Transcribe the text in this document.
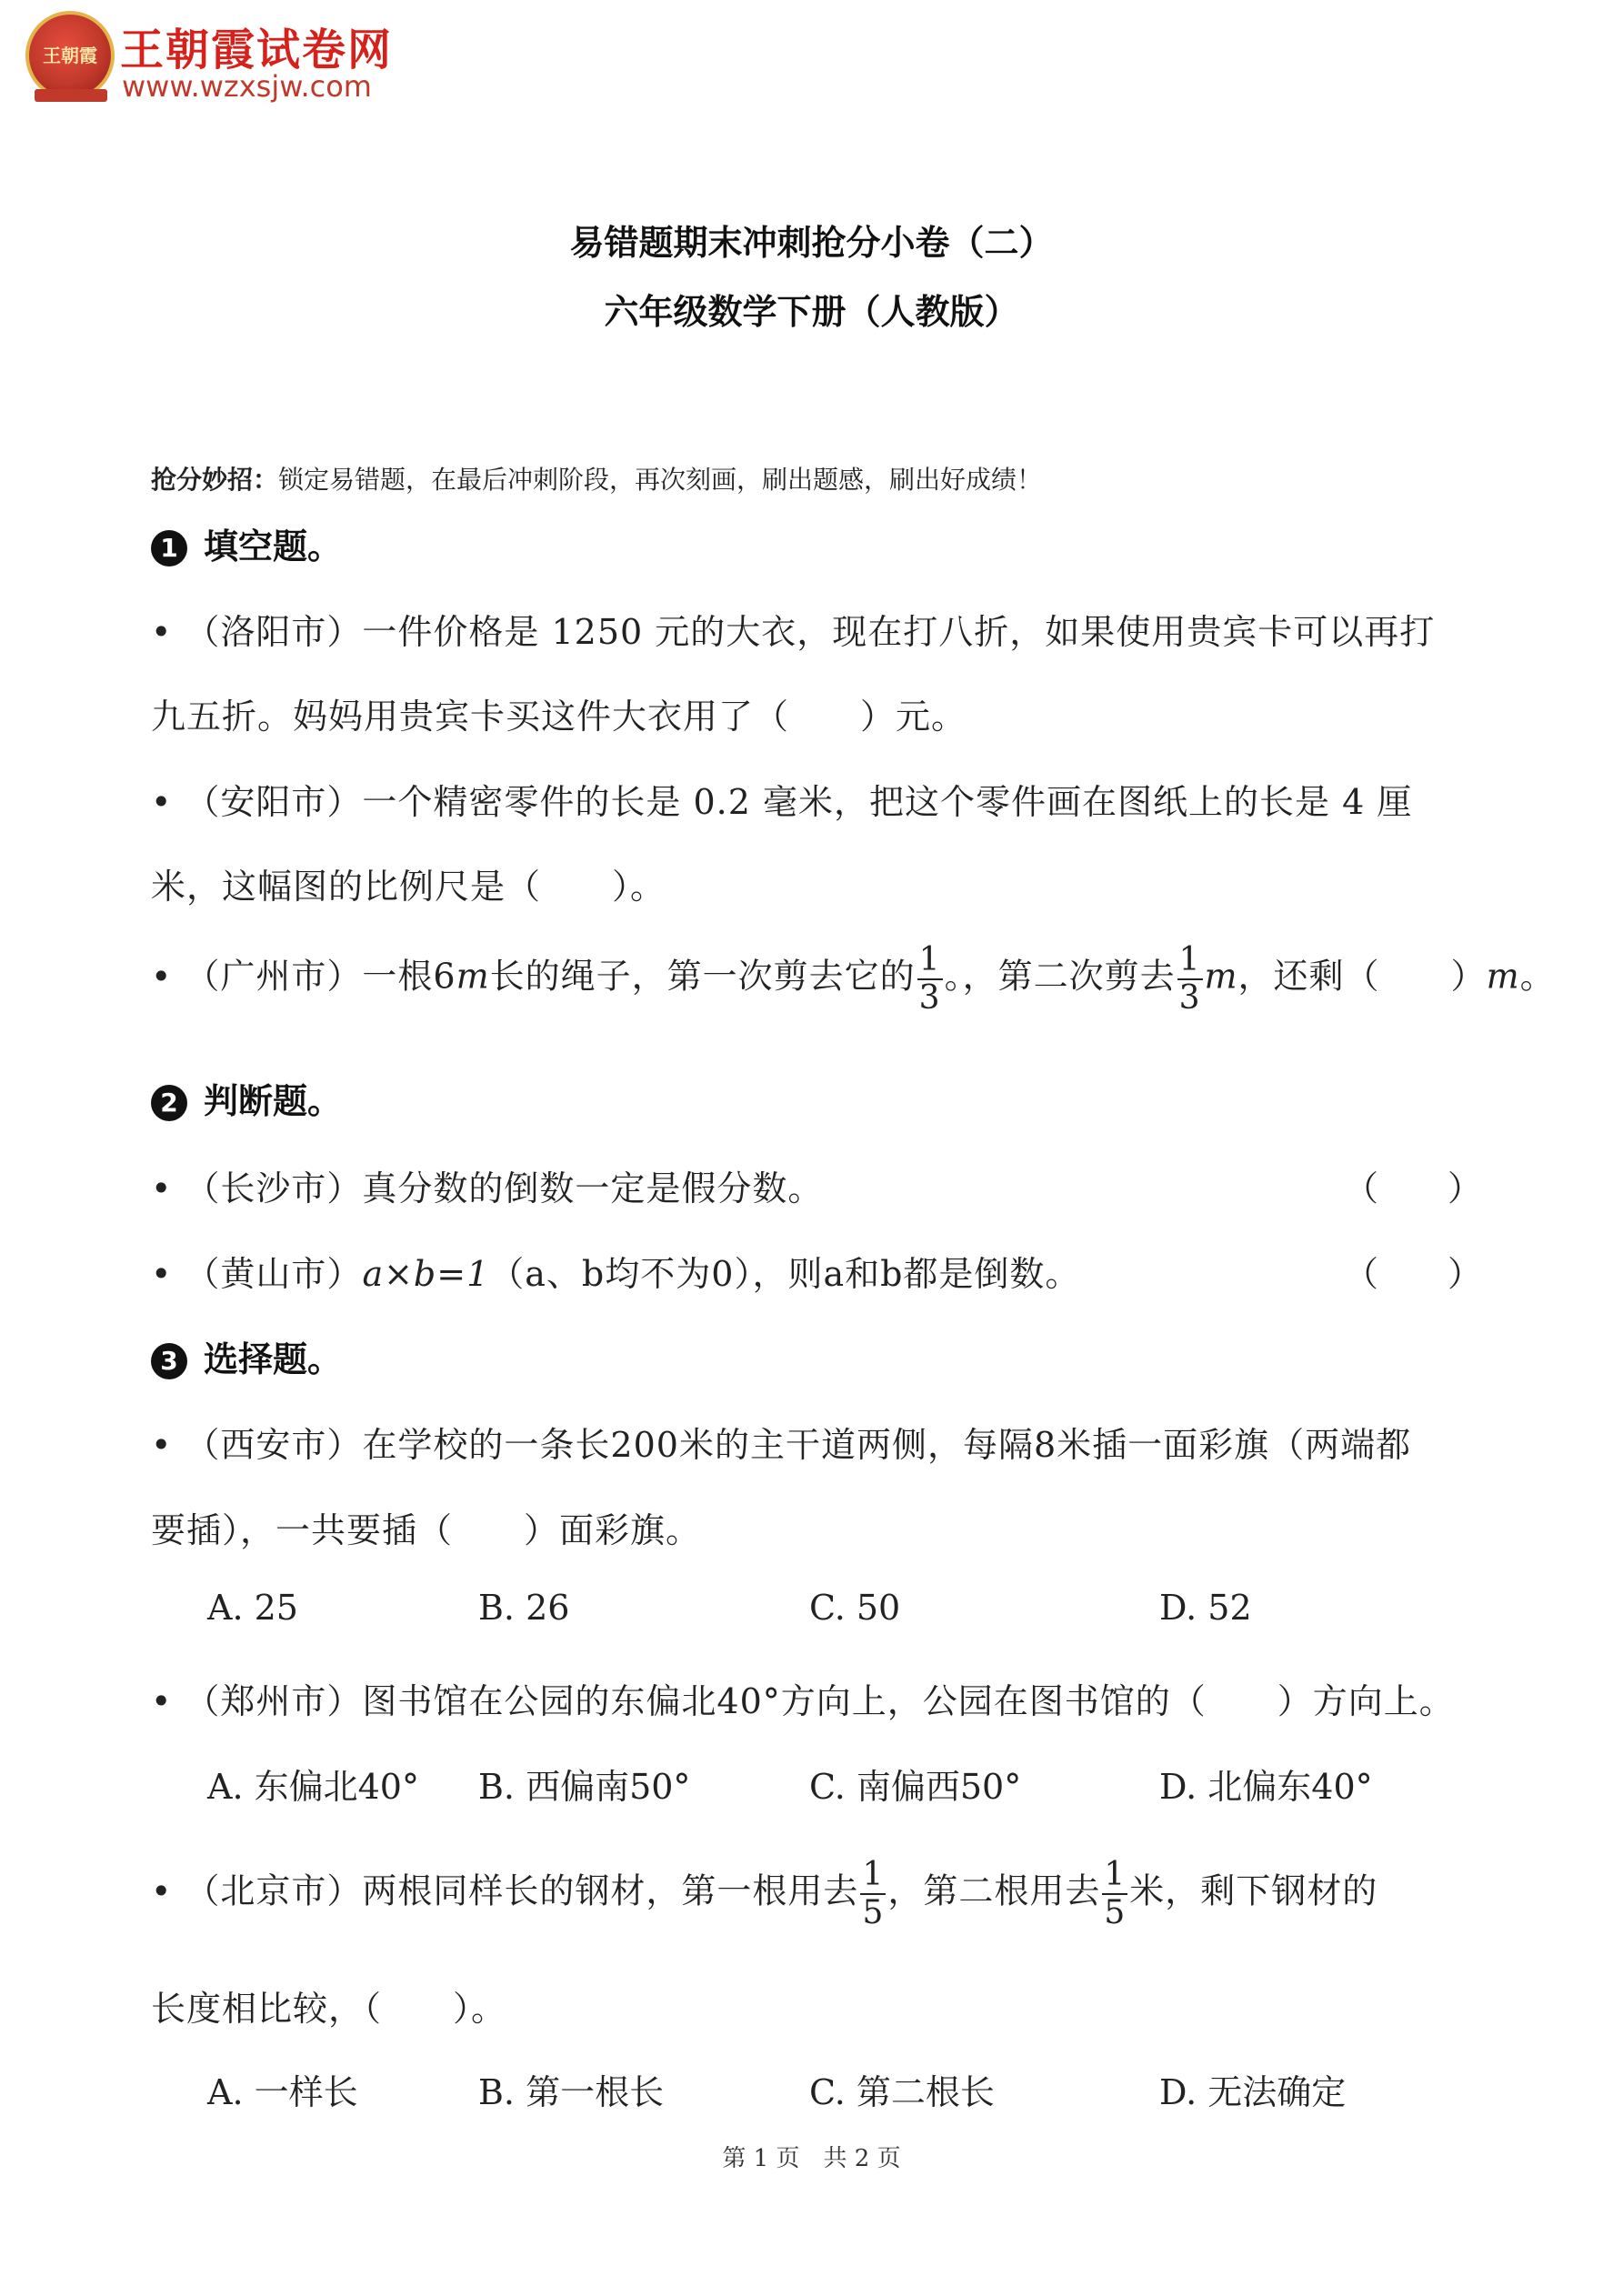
王朝霞 王朝霞试卷网
www.wzxsjw.com
易错题期末冲刺抢分小卷（二）
六年级数学下册（人教版）
抢分妙招：锁定易错题，在最后冲刺阶段，再次刻画，刷出题感，刷出好成绩！
1 填空题。
• （洛阳市）一件价格是 1250 元的大衣，现在打八折，如果使用贵宾卡可以再打
九五折。妈妈用贵宾卡买这件大衣用了（　　）元。
• （安阳市）一个精密零件的长是 0.2 毫米，把这个零件画在图纸上的长是 4 厘
米，这幅图的比例尺是（　　）。
• （广州市）一根6m长的绳子，第一次剪去它的 $\frac{1}{3}$ 。，第二次剪去 $\frac{1}{3}$ m，还剩（　　）m。
2 判断题。
• （长沙市）真分数的倒数一定是假分数。	（　　）
• （黄山市）a×b=1（a、b均不为0），则a和b都是倒数。	（　　）
3 选择题。
• （西安市）在学校的一条长200米的主干道两侧，每隔8米插一面彩旗（两端都
要插），一共要插（　　）面彩旗。
A. 25	B. 26	C. 50	D. 52
• （郑州市）图书馆在公园的东偏北40°方向上，公园在图书馆的（　　）方向上。
A. 东偏北40° B. 西偏南50°	C. 南偏西50°	D. 北偏东40°
• （北京市）两根同样长的钢材，第一根用去 $\frac{1}{5}$ ，第二根用去 $\frac{1}{5}$ 米，剩下钢材的
长度相比较，（　　）。
A. 一样长	B. 第一根长	C. 第二根长	D. 无法确定
第 1 页　共 2 页
